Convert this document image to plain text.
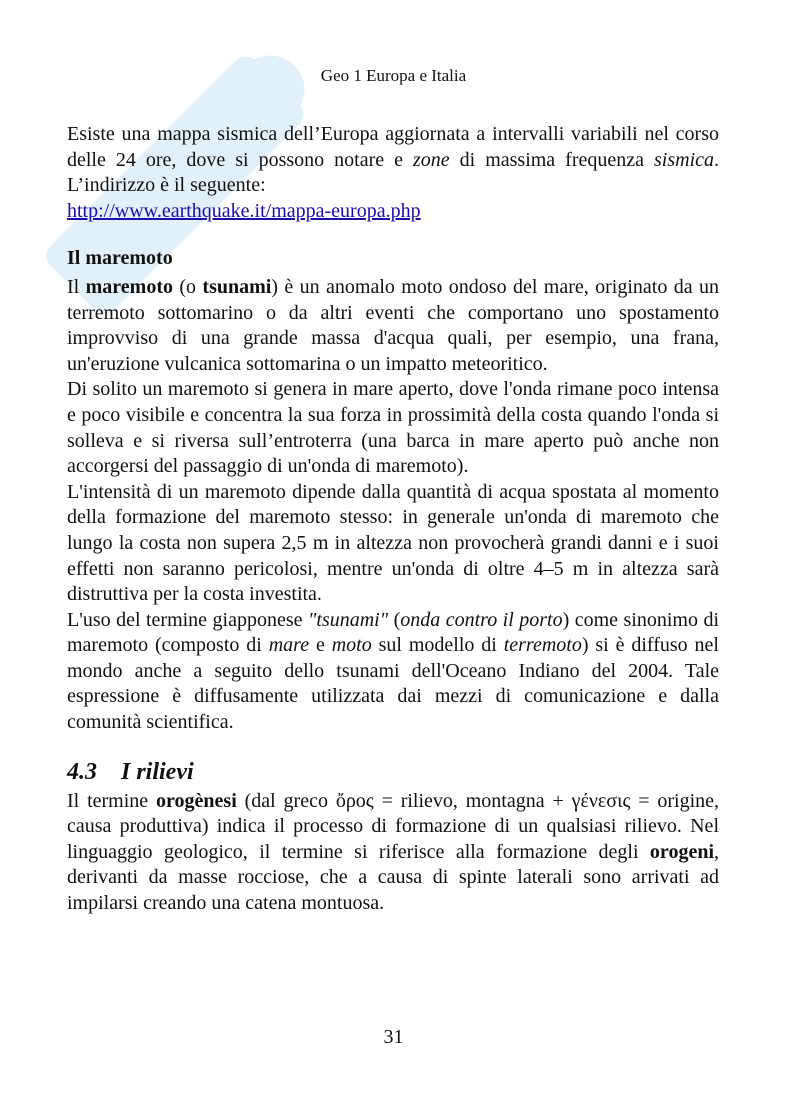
Geo 1 Europa e Italia

Esiste una mappa sismica dell’Europa aggiornata a intervalli variabili nel corso delle 24 ore, dove si possono notare e zone di massima frequenza sismica. L’indirizzo è il seguente:
http://www.earthquake.it/mappa-europa.php

Il maremoto

Il maremoto (o tsunami) è un anomalo moto ondoso del mare, originato da un terremoto sottomarino o da altri eventi che comportano uno spostamento improvviso di una grande massa d'acqua quali, per esempio, una frana, un'eruzione vulcanica sottomarina o un impatto meteoritico.

Di solito un maremoto si genera in mare aperto, dove l'onda rimane poco intensa e poco visibile e concentra la sua forza in prossimità della costa quando l'onda si solleva e si riversa sull’entroterra (una barca in mare aperto può anche non accorgersi del passaggio di un'onda di maremoto).

L'intensità di un maremoto dipende dalla quantità di acqua spostata al momento della formazione del maremoto stesso: in generale un'onda di maremoto che lungo la costa non supera 2,5 m in altezza non provocherà grandi danni e i suoi effetti non saranno pericolosi, mentre un'onda di oltre 4–5 m in altezza sarà distruttiva per la costa investita.

L'uso del termine giapponese "tsunami" (onda contro il porto) come sinonimo di maremoto (composto di mare e moto sul modello di terremoto) si è diffuso nel mondo anche a seguito dello tsunami dell'Oceano Indiano del 2004. Tale espressione è diffusamente utilizzata dai mezzi di comunicazione e dalla comunità scientifica.

4.3 I rilievi

Il termine orogènesi (dal greco ὄρος = rilievo, montagna + γένεσις = origine, causa produttiva) indica il processo di formazione di un qualsiasi rilievo. Nel linguaggio geologico, il termine si riferisce alla formazione degli orogeni, derivanti da masse rocciose, che a causa di spinte laterali sono arrivati ad impilarsi creando una catena montuosa.

31
